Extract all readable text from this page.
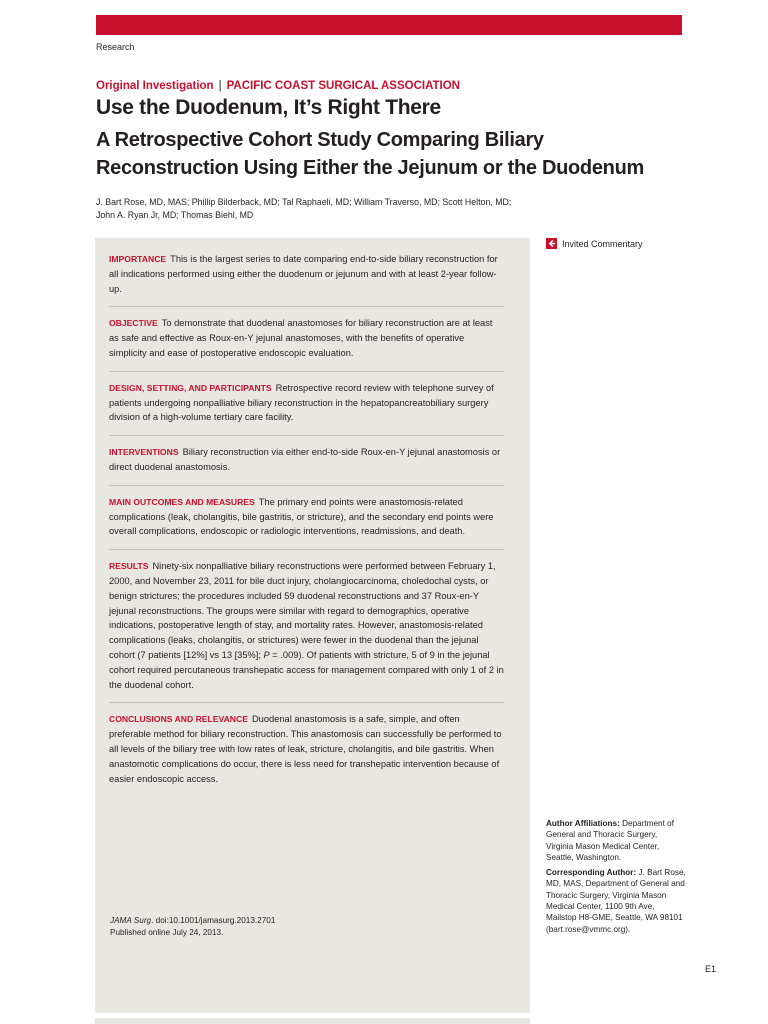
Research
Original Investigation | PACIFIC COAST SURGICAL ASSOCIATION
Use the Duodenum, It’s Right There
A Retrospective Cohort Study Comparing Biliary Reconstruction Using Either the Jejunum or the Duodenum
J. Bart Rose, MD, MAS; Phillip Bilderback, MD; Tal Raphaeli, MD; William Traverso, MD; Scott Helton, MD; John A. Ryan Jr, MD; Thomas Biehl, MD
IMPORTANCE This is the largest series to date comparing end-to-side biliary reconstruction for all indications performed using either the duodenum or jejunum and with at least 2-year follow-up.
OBJECTIVE To demonstrate that duodenal anastomoses for biliary reconstruction are at least as safe and effective as Roux-en-Y jejunal anastomoses, with the benefits of operative simplicity and ease of postoperative endoscopic evaluation.
DESIGN, SETTING, AND PARTICIPANTS Retrospective record review with telephone survey of patients undergoing nonpalliative biliary reconstruction in the hepatopancreatobiliary surgery division of a high-volume tertiary care facility.
INTERVENTIONS Biliary reconstruction via either end-to-side Roux-en-Y jejunal anastomosis or direct duodenal anastomosis.
MAIN OUTCOMES AND MEASURES The primary end points were anastomosis-related complications (leak, cholangitis, bile gastritis, or stricture), and the secondary end points were overall complications, endoscopic or radiologic interventions, readmissions, and death.
RESULTS Ninety-six nonpalliative biliary reconstructions were performed between February 1, 2000, and November 23, 2011 for bile duct injury, cholangiocarcinoma, choledochal cysts, or benign strictures; the procedures included 59 duodenal reconstructions and 37 Roux-en-Y jejunal reconstructions. The groups were similar with regard to demographics, operative indications, postoperative length of stay, and mortality rates. However, anastomosis-related complications (leaks, cholangitis, or strictures) were fewer in the duodenal than the jejunal cohort (7 patients [12%] vs 13 [35%]; P = .009). Of patients with stricture, 5 of 9 in the jejunal cohort required percutaneous transhepatic access for management compared with only 1 of 2 in the duodenal cohort.
CONCLUSIONS AND RELEVANCE Duodenal anastomosis is a safe, simple, and often preferable method for biliary reconstruction. This anastomosis can successfully be performed to all levels of the biliary tree with low rates of leak, stricture, cholangitis, and bile gastritis. When anastomotic complications do occur, there is less need for transhepatic intervention because of easier endoscopic access.
JAMA Surg. doi:10.1001/jamasurg.2013.2701
Published online July 24, 2013.
Invited Commentary

Author Affiliations: Department of General and Thoracic Surgery, Virginia Mason Medical Center, Seattle, Washington.

Corresponding Author: J. Bart Rose, MD, MAS, Department of General and Thoracic Surgery, Virginia Mason Medical Center, 1100 9th Ave, Mailstop H8-GME, Seattle, WA 98101 (bart.rose@vmmc.org).

E1
